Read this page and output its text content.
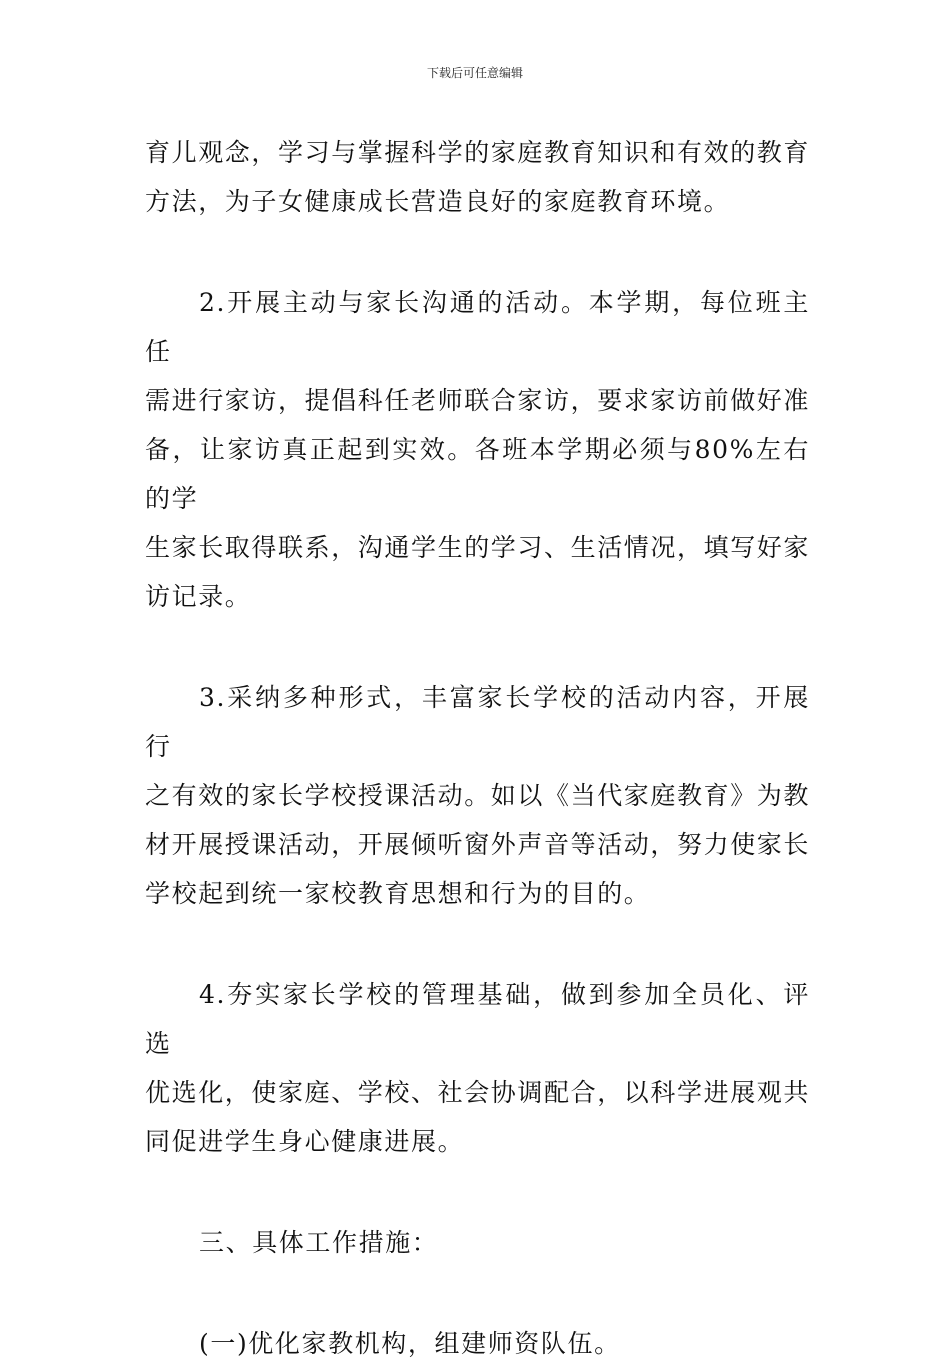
下载后可任意编辑
育儿观念，学习与掌握科学的家庭教育知识和有效的教育
方法，为子女健康成长营造良好的家庭教育环境。
2.开展主动与家长沟通的活动。本学期，每位班主任
需进行家访，提倡科任老师联合家访，要求家访前做好准
备，让家访真正起到实效。各班本学期必须与80%左右的学
生家长取得联系，沟通学生的学习、生活情况，填写好家
访记录。
3.采纳多种形式，丰富家长学校的活动内容，开展行
之有效的家长学校授课活动。如以《当代家庭教育》为教
材开展授课活动，开展倾听窗外声音等活动，努力使家长
学校起到统一家校教育思想和行为的目的。
4.夯实家长学校的管理基础，做到参加全员化、评选
优选化，使家庭、学校、社会协调配合，以科学进展观共
同促进学生身心健康进展。
三、具体工作措施：
(一)优化家教机构，组建师资队伍。
